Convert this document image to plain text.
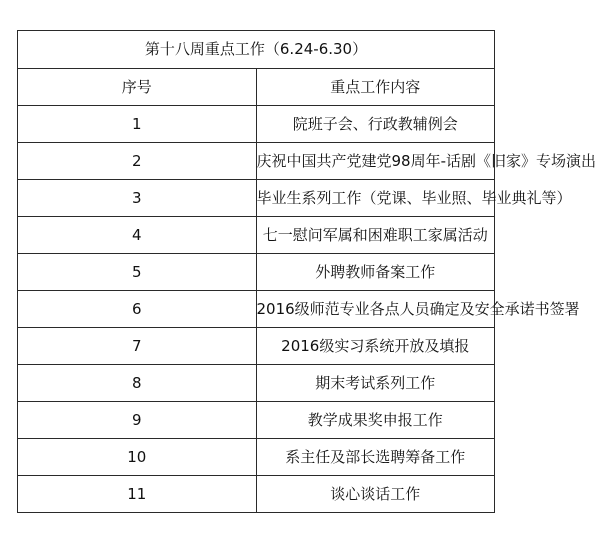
第十八周重点工作（6.24-6.30）	
序号	重点工作内容
1	院班子会、行政教辅例会
2	庆祝中国共产党建党98周年-话剧《旧家》专场演出
3	毕业生系列工作（党课、毕业照、毕业典礼等）
4	七一慰问军属和困难职工家属活动
5	外聘教师备案工作
6	2016级师范专业各点人员确定及安全承诺书签署
7	2016级实习系统开放及填报
8	期末考试系列工作
9	教学成果奖申报工作
10	系主任及部长选聘筹备工作
11	谈心谈话工作
